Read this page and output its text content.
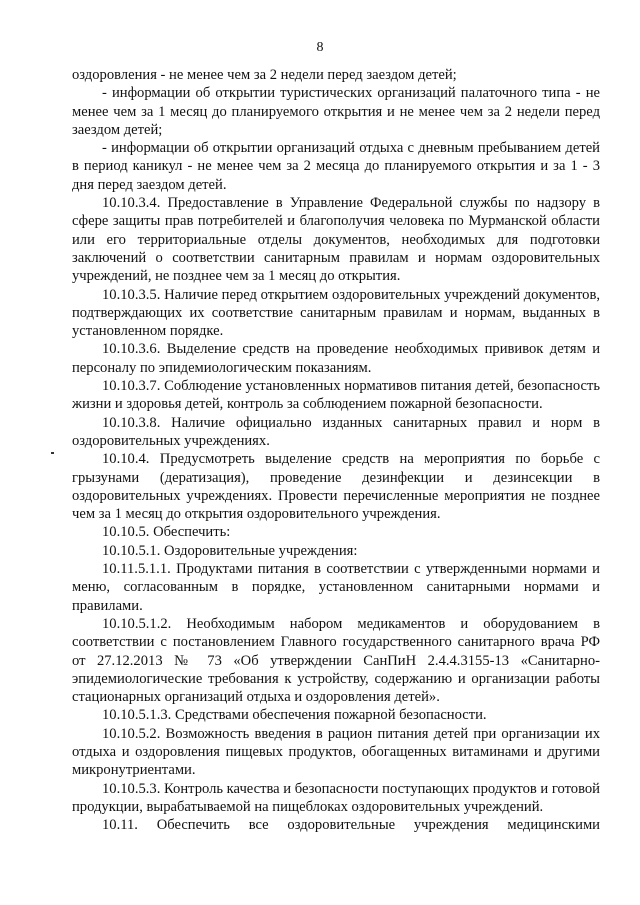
8

оздоровления - не менее чем за 2 недели перед заездом детей;

- информации об открытии туристических организаций палаточного типа - не менее чем за 1 месяц до планируемого открытия и не менее чем за 2 недели перед заездом детей;

- информации об открытии организаций отдыха с дневным пребыванием детей в период каникул - не менее чем за 2 месяца до планируемого открытия и за 1 - 3 дня перед заездом детей.

10.10.3.4. Предоставление в Управление Федеральной службы по надзору в сфере защиты прав потребителей и благополучия человека по Мурманской области или его территориальные отделы документов, необходимых для подготовки заключений о соответствии санитарным правилам и нормам оздоровительных учреждений, не позднее чем за 1 месяц до открытия.

10.10.3.5. Наличие перед открытием оздоровительных учреждений документов, подтверждающих их соответствие санитарным правилам и нормам, выданных в установленном порядке.

10.10.3.6. Выделение средств на проведение необходимых прививок детям и персоналу по эпидемиологическим показаниям.

10.10.3.7. Соблюдение установленных нормативов питания детей, безопасность жизни и здоровья детей, контроль за соблюдением пожарной безопасности.

10.10.3.8. Наличие официально изданных санитарных правил и норм в оздоровительных учреждениях.

10.10.4. Предусмотреть выделение средств на мероприятия по борьбе с грызунами (дератизация), проведение дезинфекции и дезинсекции в оздоровительных учреждениях. Провести перечисленные мероприятия не позднее чем за 1 месяц до открытия оздоровительного учреждения.

10.10.5. Обеспечить:

10.10.5.1. Оздоровительные учреждения:

10.11.5.1.1. Продуктами питания в соответствии с утвержденными нормами и меню, согласованным в порядке, установленном санитарными нормами и правилами.

10.10.5.1.2. Необходимым набором медикаментов и оборудованием в соответствии с постановлением Главного государственного санитарного врача РФ от 27.12.2013 № 73 «Об утверждении СанПиН 2.4.4.3155-13 «Санитарно-эпидемиологические требования к устройству, содержанию и организации работы стационарных организаций отдыха и оздоровления детей».

10.10.5.1.3. Средствами обеспечения пожарной безопасности.

10.10.5.2. Возможность введения в рацион питания детей при организации их отдыха и оздоровления пищевых продуктов, обогащенных витаминами и другими микронутриентами.

10.10.5.3. Контроль качества и безопасности поступающих продуктов и готовой продукции, вырабатываемой на пищеблоках оздоровительных учреждений.

10.11. Обеспечить все оздоровительные учреждения медицинскими
